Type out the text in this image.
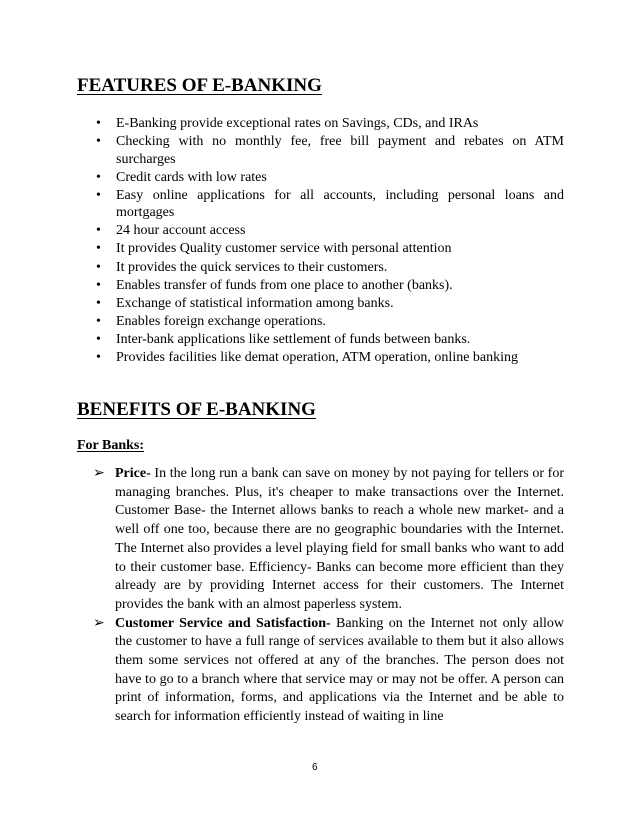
FEATURES OF E-BANKING
• E-Banking provide exceptional rates on Savings, CDs, and IRAs
• Checking with no monthly fee, free bill payment and rebates on ATM surcharges
• Credit cards with low rates
• Easy online applications for all accounts, including personal loans and mortgages
• 24 hour account access
• It provides Quality customer service with personal attention
• It provides the quick services to their customers.
• Enables transfer of funds from one place to another (banks).
• Exchange of statistical information among banks.
• Enables foreign exchange operations.
• Inter-bank applications like settlement of funds between banks.
• Provides facilities like demat operation, ATM operation, online banking
BENEFITS OF E-BANKING
For Banks:
➢ Price- In the long run a bank can save on money by not paying for tellers or for managing branches. Plus, it's cheaper to make transactions over the Internet. Customer Base- the Internet allows banks to reach a whole new market- and a well off one too, because there are no geographic boundaries with the Internet. The Internet also provides a level playing field for small banks who want to add to their customer base. Efficiency- Banks can become more efficient than they already are by providing Internet access for their customers. The Internet provides the bank with an almost paperless system.
➢ Customer Service and Satisfaction- Banking on the Internet not only allow the customer to have a full range of services available to them but it also allows them some services not offered at any of the branches. The person does not have to go to a branch where that service may or may not be offer. A person can print of information, forms, and applications via the Internet and be able to search for information efficiently instead of waiting in line
6
